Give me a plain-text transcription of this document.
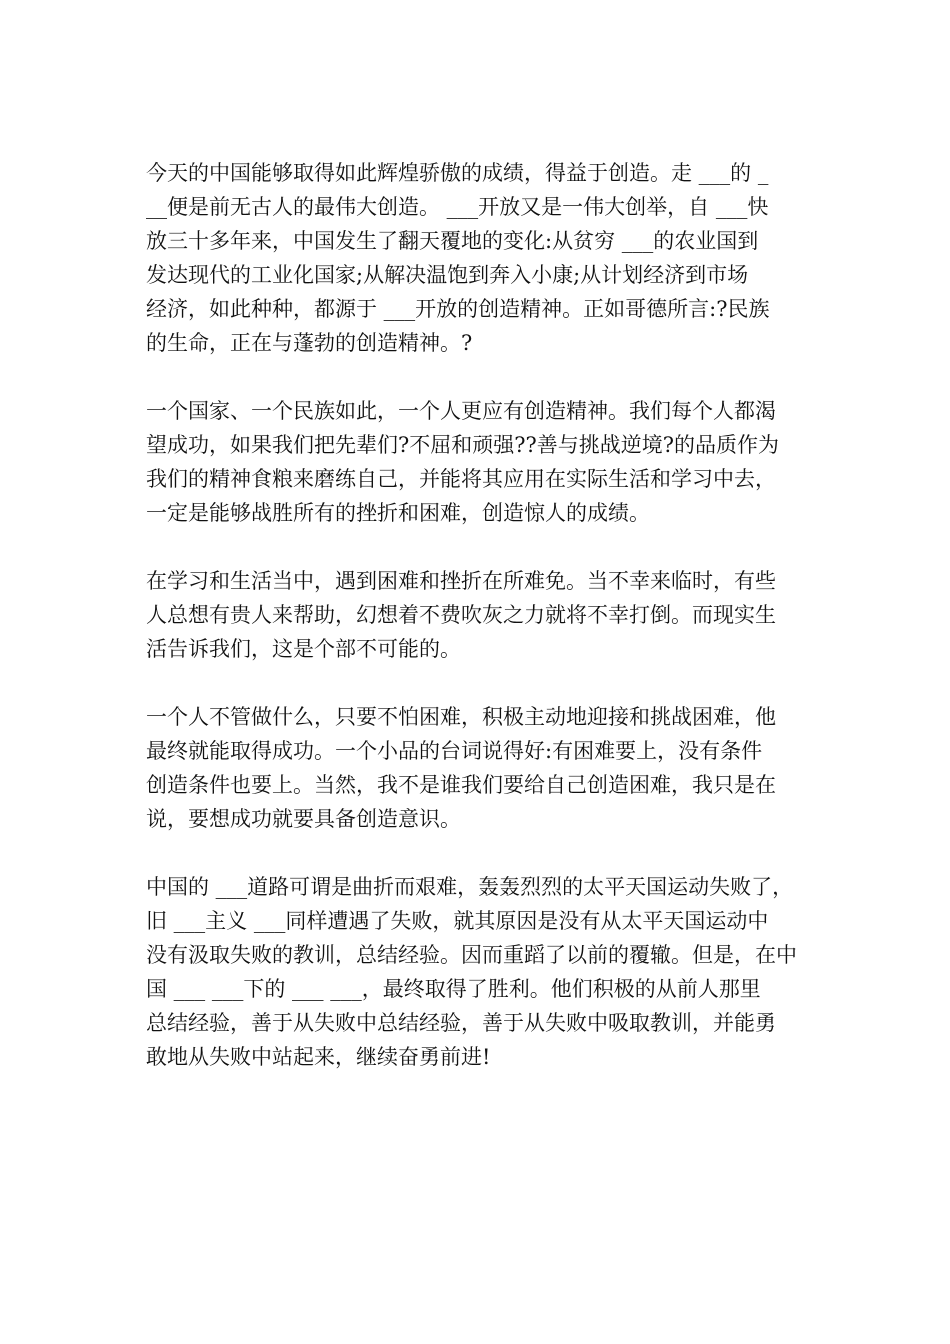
今天的中国能够取得如此辉煌骄傲的成绩，得益于创造。走 ___的 _
__便是前无古人的最伟大创造。 ___开放又是一伟大创举，自 ___快
放三十多年来，中国发生了翻天覆地的变化:从贫穷 ___的农业国到
发达现代的工业化国家;从解决温饱到奔入小康;从计划经济到市场
经济，如此种种，都源于 ___开放的创造精神。正如哥德所言:?民族
的生命，正在与蓬勃的创造精神。?
一个国家、一个民族如此，一个人更应有创造精神。我们每个人都渴
望成功，如果我们把先辈们?不屈和顽强??善与挑战逆境?的品质作为
我们的精神食粮来磨练自己，并能将其应用在实际生活和学习中去，
一定是能够战胜所有的挫折和困难，创造惊人的成绩。
在学习和生活当中，遇到困难和挫折在所难免。当不幸来临时，有些
人总想有贵人来帮助，幻想着不费吹灰之力就将不幸打倒。而现实生
活告诉我们，这是个部不可能的。
一个人不管做什么，只要不怕困难，积极主动地迎接和挑战困难，他
最终就能取得成功。一个小品的台词说得好:有困难要上，没有条件
创造条件也要上。当然，我不是谁我们要给自己创造困难，我只是在
说，要想成功就要具备创造意识。
中国的 ___道路可谓是曲折而艰难，轰轰烈烈的太平天国运动失败了，
旧 ___主义 ___同样遭遇了失败，就其原因是没有从太平天国运动中
没有汲取失败的教训，总结经验。因而重蹈了以前的覆辙。但是，在中
国 ___ ___下的 ___ ___，最终取得了胜利。他们积极的从前人那里
总结经验，善于从失败中总结经验，善于从失败中吸取教训，并能勇
敢地从失败中站起来，继续奋勇前进!
